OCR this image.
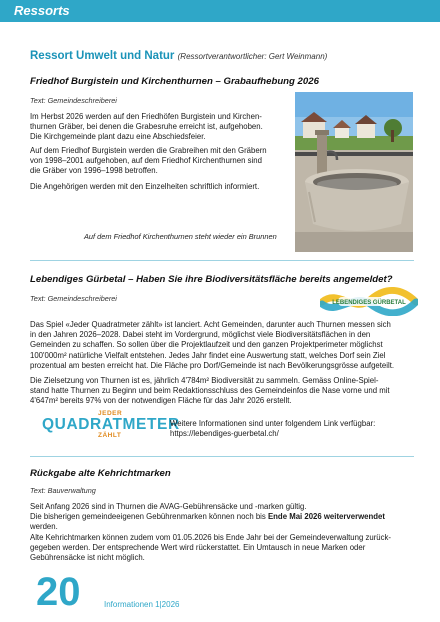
Ressorts
Ressort Umwelt und Natur (Ressortverantwortlicher: Gert Weinmann)
Friedhof Burgistein und Kirchenthurnen – Grabaufhebung 2026
Text: Gemeindeschreiberei
Im Herbst 2026 werden auf den Friedhöfen Burgistein und Kirchen-
thurnen Gräber, bei denen die Grabesruhe erreicht ist, aufgehoben.
Die Kirchgemeinde plant dazu eine Abschiedsfeier.
Auf dem Friedhof Burgistein werden die Grabreihen mit den Gräbern
von 1998–2001 aufgehoben, auf dem Friedhof Kirchenthurnen sind
die Gräber von 1996–1998 betroffen.
Die Angehörigen werden mit den Einzelheiten schriftlich informiert.
Auf dem Friedhof Kirchenthurnen steht wieder ein Brunnen
Lebendiges Gürbetal – Haben Sie ihre Biodiversitätsfläche bereits angemeldet?
Text: Gemeindeschreiberei	LEBENDIGES GÜRBETAL
Das Spiel «Jeder Quadratmeter zählt» ist lanciert. Acht Gemeinden, darunter auch Thurnen messen sich
in den Jahren 2026–2028. Dabei steht im Vordergrund, möglichst viele Biodiversitätsflächen in den
Gemeinden zu schaffen. So sollen über die Projektlaufzeit und den ganzen Projektperimeter möglichst
100'000m² natürliche Vielfalt entstehen. Jedes Jahr findet eine Auswertung statt, welches Dorf sein Ziel
prozentual am besten erreicht hat. Die Fläche pro Dorf/Gemeinde ist nach Bevölkerungsgrösse aufgeteilt.
Die Zielsetzung von Thurnen ist es, jährlich 4'784m² Biodiversität zu sammeln. Gemäss Online-Spiel-
stand hatte Thurnen zu Beginn und beim Redaktionsschluss des Gemeindeinfos die Nase vorne und mit
4'647m² bereits 97% von der notwendigen Fläche für das Jahr 2026 erstellt.
JEDER
QUADRATMETER
ZÄHLT
Weitere Informationen sind unter folgendem Link verfügbar:
https://lebendiges-guerbetal.ch/
Rückgabe alte Kehrichtmarken
Text: Bauverwaltung
Seit Anfang 2026 sind in Thurnen die AVAG-Gebührensäcke und -marken gültig.
Die bisherigen gemeindeeigenen Gebührenmarken können noch bis Ende Mai 2026 weiterverwendet
werden.
Alte Kehrichtmarken können zudem vom 01.05.2026 bis Ende Jahr bei der Gemeindeverwaltung zurück-
gegeben werden. Der entsprechende Wert wird rückerstattet. Ein Umtausch in neue Marken oder
Gebührensäcke ist nicht möglich.
20	Informationen 1|2026
